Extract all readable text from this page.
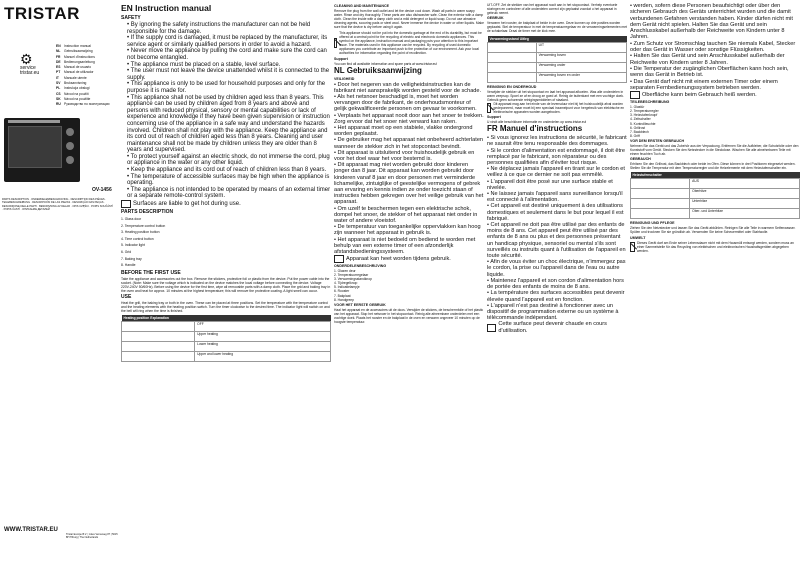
TRISTAR
⚙
service
tristar.eu
EN Instruction manual
NL Gebruiksaanwijzing
FR Manuel d'instructions
DE Bedienungsanleitung
ES Manual de usuario
PT Manual de utilizador
IT Manuale utente
SV Bruksanvisning
PL Instrukcja obsługi
CS Návod na použití
SK Návod na použitie
RU Руководство по эксплуатации
OV-1456
PARTS DESCRIPTION · ONDERDELENBESCHRIJVING · DESCRIPTION DES PIÈCES · TEILEBESCHREIBUNG · DESCRIPCIÓN DE LAS PIEZAS · DESCRIÇÃO DAS PEÇAS · DESCRIZIONE DELLE PARTI · BESKRIVNING AV DELAR · OPIS CZĘŚCI · POPIS SOUČÁSTÍ · POPIS ČASTÍ · ОПИСАНИЕ ДЕТАЛЕЙ
WWW.TRISTAR.EU
Tristar Europe B.V. | Jules Verneweg 87 | 5015 BH Tilburg | The Netherlands
EN Instruction manual
SAFETY
• • By ignoring the safety instructions the manufacturer can not be held responsible for the damage.
• • If the supply cord is damaged, it must be replaced by the manufacturer, its service agent or similarly qualified persons in order to avoid a hazard.
• • Never move the appliance by pulling the cord and make sure the cord can not become entangled.
• • The appliance must be placed on a stable, level surface.
• • The user must not leave the device unattended whilst it is connected to the supply.
• • This appliance is only to be used for household purposes and only for the purpose it is made for.
• • This appliance shall not be used by children aged less than 8 years. This appliance can be used by children aged from 8 years and above and persons with reduced physical, sensory or mental capabilities or lack of experience and knowledge if they have been given supervision or instruction concerning use of the appliance in a safe way and understand the hazards involved. Children shall not play with the appliance. Keep the appliance and its cord out of reach of children aged less than 8 years. Cleaning and user maintenance shall not be made by children unless they are older than 8 years and supervised.
• • To protect yourself against an electric shock, do not immerse the cord, plug or appliance in the water or any other liquid.
• • Keep the appliance and its cord out of reach of children less than 8 years.
• • The temperature of accessible surfaces may be high when the appliance is operating.
• • The appliance is not intended to be operated by means of an external timer or a separate remote-control system.

Surfaces are liable to get hot during use.

PARTS DESCRIPTION

1. Glass door

2. Temperature control button

3. Heating position button

4. Time control button

5. Indicator light

6. Grid

7. Baking tray

8. Handle

BEFORE THE FIRST USE

Take the appliance and accessories out the box. Remove the stickers, protective foil or plastic from the device. Put the power cable into the socket. (Note: Make sure the voltage which is indicated on the device matches the local voltage before connecting the device. Voltage 220V-240V 50/60Hz). Before using the device for the first time, wipe all removable parts with a damp cloth. Place the grid and baking tray in the oven and heat for approx. 10 minutes at the highest temperature; this will remove the protective coating. A light smell can occur.

USE

Heat the grill, the baking tray or both in the oven. These can be placed at three positions. Set the temperature with the temperature control and the heating elements with the heating position switch. Turn the timer clockwise to the desired time. The indicator light will switch on and the bell will ring when the time is finished.

Heating position Explanation	
	OFF
	Upper heating
	Lower heating
	Upper and lower heating
CLEANING AND MAINTENANCE

Remove the plug from the wall outlet and let the device cool down. Wash all parts in warm soapy water. Rinse and dry thoroughly. These parts are also dishwasher safe. Clean the exterior with a damp cloth. Clean the inside with a damp cloth and a mild detergent or liquid soap. Do not use abrasive cleaning agents, scouring pads or steel wool. Never immerse the device in water or other liquids. Make sure that the device is dry before using it again.

This appliance should not be put into the domestic garbage at the end of its durability, but must be offered at a central point for the recycling of electric and electronic domestic appliances. This symbol on the appliance, instruction manual and packaging puts your attention to this important issue. The materials used in this appliance can be recycled. By recycling of used domestic appliances you contribute an important push to the protection of our environment. Ask your local authorities for information regarding the point of recollection.

Support

You can find all available information and spare parts at www.tristar.eu!

NL Gebruiksaanwijzing
VEILIGHEID

• Door het negeren van de veiligheidsinstructies kan de fabrikant niet aansprakelijk worden gesteld voor de schade.

• Als het netsnoer beschadigd is, moet het worden vervangen door de fabrikant, de onderhoudsmonteur of gelijk gekwalificeerde personen om gevaar te voorkomen.

• Verplaats het apparaat nooit door aan het snoer te trekken. Zorg ervoor dat het snoer niet verward kan raken.

• Het apparaat moet op een stabiele, vlakke ondergrond worden geplaatst.

• De gebruiker mag het apparaat niet onbeheerd achterlaten wanneer de stekker zich in het stopcontact bevindt.

• Dit apparaat is uitsluitend voor huishoudelijk gebruik en voor het doel waar het voor bestemd is.

• Dit apparaat mag niet worden gebruikt door kinderen jonger dan 8 jaar. Dit apparaat kan worden gebruikt door kinderen vanaf 8 jaar en door personen met verminderde lichamelijke, zintuiglijke of geestelijke vermogens of gebrek aan ervaring en kennis indien ze onder toezicht staan of instructies hebben gekregen over het veilige gebruik van het apparaat.

• Om uzelf te beschermen tegen een elektrische schok, dompel het snoer, de stekker of het apparaat niet onder in water of andere vloeistof.

• De temperatuur van toegankelijke oppervlakken kan hoog zijn wanneer het apparaat in gebruik is.

• Het apparaat is niet bedoeld om bediend te worden met behulp van een externe timer of een afzonderlijk afstandsbedieningssysteem.

Apparaat kan heet worden tijdens gebruik.

ONDERDELENBESCHRIJVING

1. Glazen deur

2. Temperatuurregelaar

3. Verwarmingsstandknop

4. Tijdregelknop

5. Indicatielampje

6. Rooster

7. Bakplaat

8. Handgreep

VOOR HET EERSTE GEBRUIK

Haal het apparaat en de accessoires uit de doos. Verwijder de stickers, de beschermfolie of het plastic van het apparaat. Stop het netsnoer in het stopcontact. Reinig alle afneembare onderdelen met een vochtige doek. Plaats het rooster en de bakplaat in de oven en verwarm ongeveer 10 minuten op de hoogste temperatuur.

UIT-OFF. Zet de stekker van het apparaat nooit aan in het stopcontact. Verhelp eventuele storingen en controleer of alle onderdelen correct zijn geplaatst voordat u het apparaat in gebruik neemt.

GEBRUIK

Verwarm het rooster, de bakplaat of beide in de oven. Deze kunnen op drie posities worden geplaatst. Stel de temperatuur in met de temperatuurregelaar en de verwarmingselementen met de schakelaar. Draai de timer met de klok mee.

Verwarmingsstand Uitleg	
	UIT
	Verwarming boven
	Verwarming onder
	Verwarming boven en onder
REINIGING EN ONDERHOUD

Verwijder de stekker uit het stopcontact en laat het apparaat afkoelen. Was alle onderdelen in warm zeepsop. Spoel ze af en droog ze goed af. Reinig de buitenkant met een vochtige doek. Gebruik geen schurende reinigingsmiddelen of staalwol.

Dit apparaat mag aan het einde van de levensduur niet bij het huishoudelijk afval worden gedeponeerd, maar moet bij een speciaal inzamelpunt voor hergebruik van elektrische en elektronische apparaten worden aangeboden.

Support

U vindt alle beschikbare informatie en onderdelen op www.tristar.eu!

FR Manuel d'instructions

• Si vous ignorez les instructions de sécurité, le fabricant ne saurait être tenu responsable des dommages.

• Si le cordon d'alimentation est endommagé, il doit être remplacé par le fabricant, son réparateur ou des personnes qualifiées afin d'éviter tout risque.

• Ne déplacez jamais l'appareil en tirant sur le cordon et veillez à ce que ce dernier ne soit pas emmêlé.

• L'appareil doit être posé sur une surface stable et nivelée.

• Ne laissez jamais l'appareil sans surveillance lorsqu'il est connecté à l'alimentation.

• Cet appareil est destiné uniquement à des utilisations domestiques et seulement dans le but pour lequel il est fabriqué.

• Cet appareil ne doit pas être utilisé par des enfants de moins de 8 ans. Cet appareil peut être utilisé par des enfants de 8 ans ou plus et des personnes présentant un handicap physique, sensoriel ou mental s'ils sont surveillés ou instruits quant à l'utilisation de l'appareil en toute sécurité.

• Afin de vous éviter un choc électrique, n'immergez pas le cordon, la prise ou l'appareil dans de l'eau ou autre liquide.

• Maintenez l'appareil et son cordon d'alimentation hors de portée des enfants de moins de 8 ans.

• La température des surfaces accessibles peut devenir élevée quand l'appareil est en fonction.

• L'appareil n'est pas destiné à fonctionner avec un dispositif de programmation externe ou un système à télécommande indépendant.

Cette surface peut devenir chaude en cours d'utilisation.

• werden, sofern diese Personen beaufsichtigt oder über den sicheren Gebrauch des Geräts unterrichtet wurden und die damit verbundenen Gefahren verstanden haben. Kinder dürfen nicht mit dem Gerät nicht spielen. Halten Sie das Gerät und sein Anschlusskabel außerhalb der Reichweite von Kindern unter 8 Jahren.

• Zum Schutz vor Stromschlag tauchen Sie niemals Kabel, Stecker oder das Gerät in Wasser oder sonstige Flüssigkeiten.

• Halten Sie das Gerät und sein Anschlusskabel außerhalb der Reichweite von Kindern unter 8 Jahren.

• Die Temperatur der zugänglichen Oberflächen kann hoch sein, wenn das Gerät in Betrieb ist.

• Das Gerät darf nicht mit einem externen Timer oder einem separaten Fernbedienungssystem betrieben werden.

Oberfläche kann beim Gebrauch heiß werden.

TEILEBESCHREIBUNG

1. Glastür

2. Temperaturregler

3. Heizstufenknopf

4. Zeitschalter

5. Kontrollleuchte

6. Grillrost

7. Backblech

8. Griff

VOR DEM ERSTEN GEBRAUCH

Nehmen Sie das Gerät und das Zubehör aus der Verpackung. Entfernen Sie die Aufkleber, die Schutzfolie oder den Kunststoff vom Gerät. Stecken Sie den Netzstecker in die Steckdose. Wischen Sie alle abnehmbaren Teile mit einem feuchten Tuch ab.

GEBRAUCH

Erhitzen Sie den Grillrost, das Backblech oder beide im Ofen. Diese können in drei Positionen eingesetzt werden. Stellen Sie die Temperatur mit dem Temperaturregler und die Heizelemente mit dem Heizstufenschalter ein.

Heizstufenschalter	
	AUS
	Oberhitze
	Unterhitze
	Ober- und Unterhitze
REINIGUNG UND PFLEGE

Ziehen Sie den Netzstecker und lassen Sie das Gerät abkühlen. Reinigen Sie alle Teile in warmem Seifenwasser. Spülen und trocknen Sie sie gründlich ab. Verwenden Sie keine Scheuermittel oder Stahlwolle.

UMWELT

Dieses Gerät darf am Ende seiner Lebensdauer nicht mit dem Hausmüll entsorgt werden, sondern muss an einer Sammelstelle für das Recycling von elektrischen und elektronischen Haushaltsgeräten abgegeben werden.
